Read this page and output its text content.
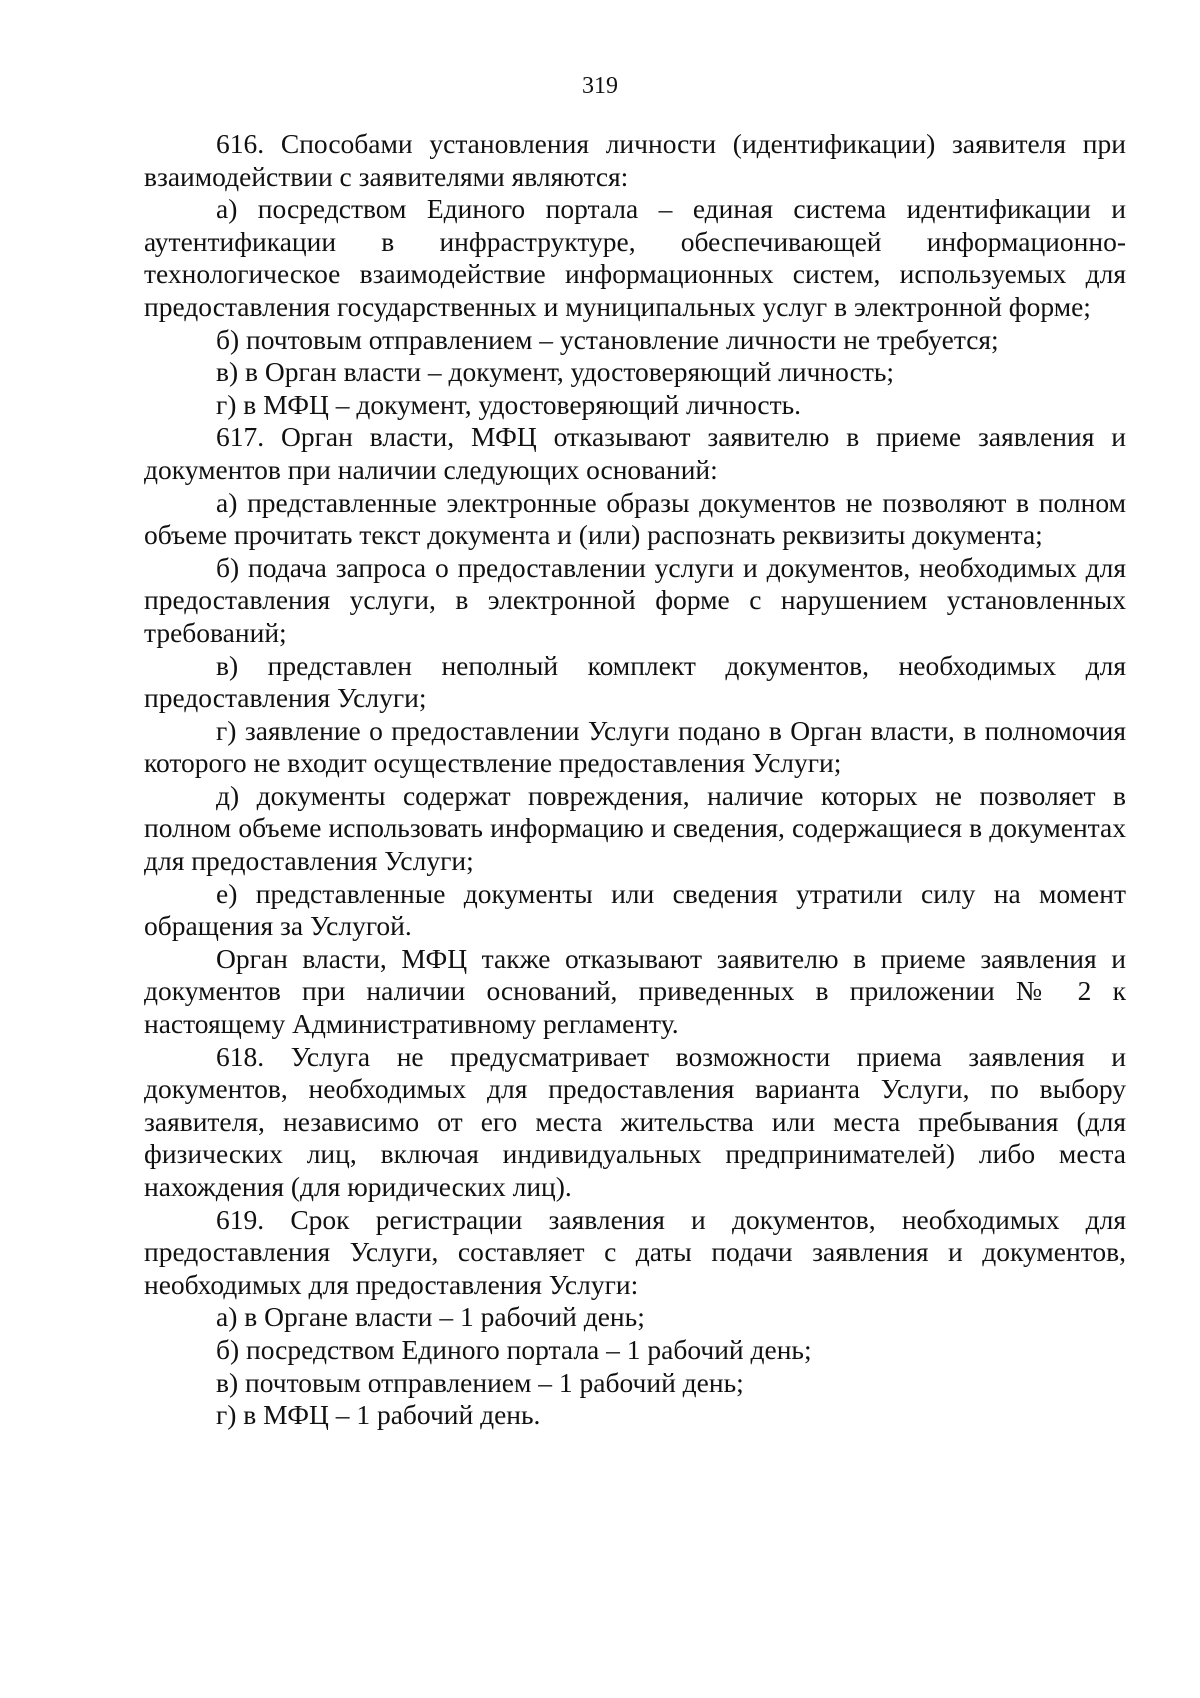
319

616. Способами установления личности (идентификации) заявителя при взаимодействии с заявителями являются:

а) посредством Единого портала – единая система идентификации и аутентификации в инфраструктуре, обеспечивающей информационно-технологическое взаимодействие информационных систем, используемых для предоставления государственных и муниципальных услуг в электронной форме;

б) почтовым отправлением – установление личности не требуется;

в) в Орган власти – документ, удостоверяющий личность;

г) в МФЦ – документ, удостоверяющий личность.

617. Орган власти, МФЦ отказывают заявителю в приеме заявления и документов при наличии следующих оснований:

а) представленные электронные образы документов не позволяют в полном объеме прочитать текст документа и (или) распознать реквизиты документа;

б) подача запроса о предоставлении услуги и документов, необходимых для предоставления услуги, в электронной форме с нарушением установленных требований;

в) представлен неполный комплект документов, необходимых для предоставления Услуги;

г) заявление о предоставлении Услуги подано в Орган власти, в полномочия которого не входит осуществление предоставления Услуги;

д) документы содержат повреждения, наличие которых не позволяет в полном объеме использовать информацию и сведения, содержащиеся в документах для предоставления Услуги;

е) представленные документы или сведения утратили силу на момент обращения за Услугой.

Орган власти, МФЦ также отказывают заявителю в приеме заявления и документов при наличии оснований, приведенных в приложении № 2 к настоящему Административному регламенту.

618. Услуга не предусматривает возможности приема заявления и документов, необходимых для предоставления варианта Услуги, по выбору заявителя, независимо от его места жительства или места пребывания (для физических лиц, включая индивидуальных предпринимателей) либо места нахождения (для юридических лиц).

619. Срок регистрации заявления и документов, необходимых для предоставления Услуги, составляет с даты подачи заявления и документов, необходимых для предоставления Услуги:

а) в Органе власти – 1 рабочий день;

б) посредством Единого портала – 1 рабочий день;

в) почтовым отправлением – 1 рабочий день;

г) в МФЦ – 1 рабочий день.
